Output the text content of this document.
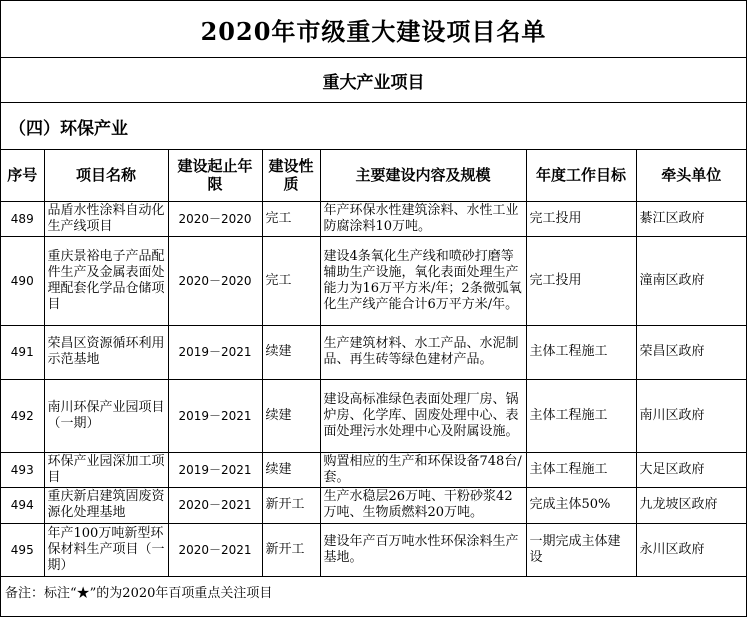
2020年市级重大建设项目名单
重大产业项目
（四）环保产业
序号	项目名称	建设起止年限	建设性质	主要建设内容及规模	年度工作目标	牵头单位
489	品盾水性涂料自动化生产线项目	2020－2020	完工	年产环保水性建筑涂料、水性工业防腐涂料10万吨。	完工投用	綦江区政府
490	重庆景裕电子产品配件生产及金属表面处理配套化学品仓储项目	2020－2020	完工	建设4条氧化生产线和喷砂打磨等辅助生产设施，氧化表面处理生产能力为16万平方米/年；2条微弧氧化生产线产能合计6万平方米/年。	完工投用	潼南区政府
491	荣昌区资源循环利用示范基地	2019－2021	续建	生产建筑材料、水工产品、水泥制品、再生砖等绿色建材产品。	主体工程施工	荣昌区政府
492	南川环保产业园项目（一期）	2019－2021	续建	建设高标准绿色表面处理厂房、锅炉房、化学库、固废处理中心、表面处理污水处理中心及附属设施。	主体工程施工	南川区政府
493	环保产业园深加工项目	2019－2021	续建	购置相应的生产和环保设备748台/套。	主体工程施工	大足区政府
494	重庆新启建筑固废资源化处理基地	2020－2021	新开工	生产水稳层26万吨、干粉砂浆42万吨、生物质燃料20万吨。	完成主体50%	九龙坡区政府
495	年产100万吨新型环保材料生产项目（一期）	2020－2021	新开工	建设年产百万吨水性环保涂料生产基地。	一期完成主体建设	永川区政府
备注：标注“★”的为2020年百项重点关注项目
